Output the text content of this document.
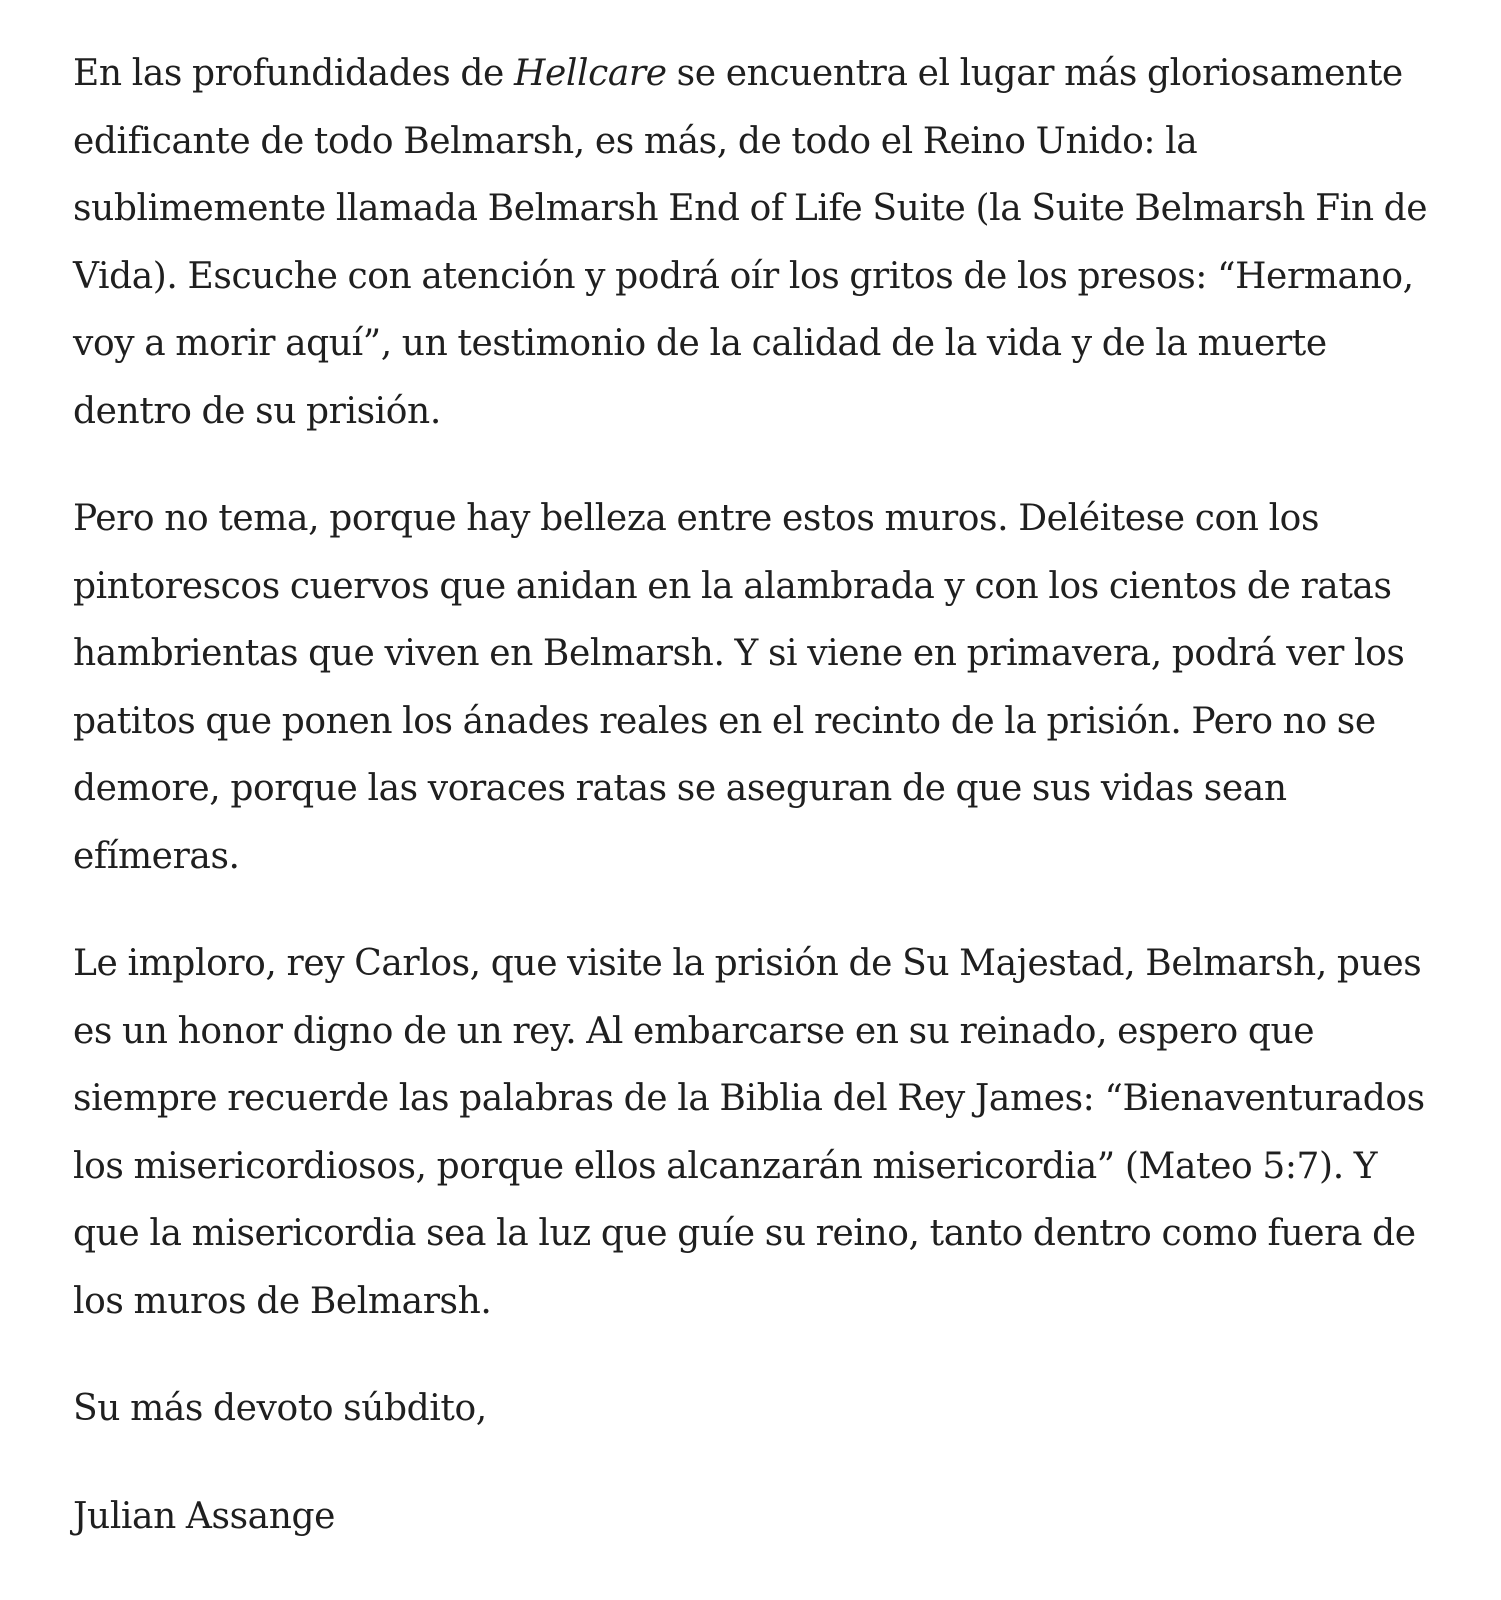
En las profundidades de Hellcare se encuentra el lugar más gloriosamente edificante de todo Belmarsh, es más, de todo el Reino Unido: la sublimemente llamada Belmarsh End of Life Suite (la Suite Belmarsh Fin de Vida). Escuche con atención y podrá oír los gritos de los presos: “Hermano, voy a morir aquí”, un testimonio de la calidad de la vida y de la muerte dentro de su prisión.

Pero no tema, porque hay belleza entre estos muros. Deléitese con los pintorescos cuervos que anidan en la alambrada y con los cientos de ratas hambrientas que viven en Belmarsh. Y si viene en primavera, podrá ver los patitos que ponen los ánades reales en el recinto de la prisión. Pero no se demore, porque las voraces ratas se aseguran de que sus vidas sean efímeras.

Le imploro, rey Carlos, que visite la prisión de Su Majestad, Belmarsh, pues es un honor digno de un rey. Al embarcarse en su reinado, espero que siempre recuerde las palabras de la Biblia del Rey James: “Bienaventurados los misericordiosos, porque ellos alcanzarán misericordia” (Mateo 5:7). Y que la misericordia sea la luz que guíe su reino, tanto dentro como fuera de los muros de Belmarsh.

Su más devoto súbdito,

Julian Assange
